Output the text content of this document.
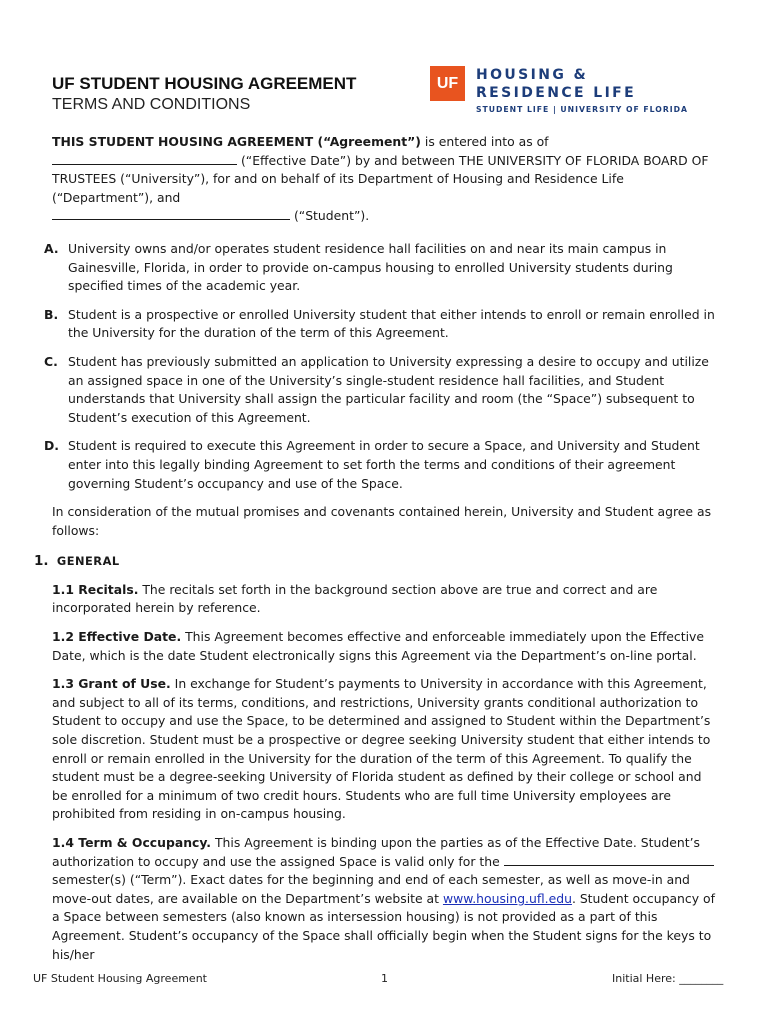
UF STUDENT HOUSING AGREEMENT
TERMS AND CONDITIONS
UF	HOUSING &
RESIDENCE LIFE
STUDENT LIFE | UNIVERSITY OF FLORIDA

THIS STUDENT HOUSING AGREEMENT (“Agreement”) is entered into as of  (“Effective Date”) by and between THE UNIVERSITY OF FLORIDA BOARD OF TRUSTEES (“University”), for and on behalf of its Department of Housing and Residence Life (“Department”), and
(“Student”).

A. University owns and/or operates student residence hall facilities on and near its main campus in Gainesville, Florida, in order to provide on-campus housing to enrolled University students during specified times of the academic year.
B. Student is a prospective or enrolled University student that either intends to enroll or remain enrolled in the University for the duration of the term of this Agreement.
C. Student has previously submitted an application to University expressing a desire to occupy and utilize an assigned space in one of the University’s single-student residence hall facilities, and Student understands that University shall assign the particular facility and room (the “Space”) subsequent to Student’s execution of this Agreement.
D. Student is required to execute this Agreement in order to secure a Space, and University and Student enter into this legally binding Agreement to set forth the terms and conditions of their agreement governing Student’s occupancy and use of the Space.

In consideration of the mutual promises and covenants contained herein, University and Student agree as follows:

1. GENERAL

1.1 Recitals. The recitals set forth in the background section above are true and correct and are incorporated herein by reference.

1.2 Effective Date. This Agreement becomes effective and enforceable immediately upon the Effective Date, which is the date Student electronically signs this Agreement via the Department’s on-line portal.

1.3 Grant of Use. In exchange for Student’s payments to University in accordance with this Agreement, and subject to all of its terms, conditions, and restrictions, University grants conditional authorization to Student to occupy and use the Space, to be determined and assigned to Student within the Department’s sole discretion. Student must be a prospective or degree seeking University student that either intends to enroll or remain enrolled in the University for the duration of the term of this Agreement. To qualify the student must be a degree-seeking University of Florida student as defined by their college or school and be enrolled for a minimum of two credit hours. Students who are full time University employees are prohibited from residing in on-campus housing.

1.4 Term & Occupancy. This Agreement is binding upon the parties as of the Effective Date. Student’s authorization to occupy and use the assigned Space is valid only for the  semester(s) (“Term”). Exact dates for the beginning and end of each semester, as well as move-in and move-out dates, are available on the Department’s website at www.housing.ufl.edu. Student occupancy of a Space between semesters (also known as intersession housing) is not provided as a part of this Agreement. Student’s occupancy of the Space shall officially begin when the Student signs for the keys to his/her

UF Student Housing Agreement	1	Initial Here: ________
